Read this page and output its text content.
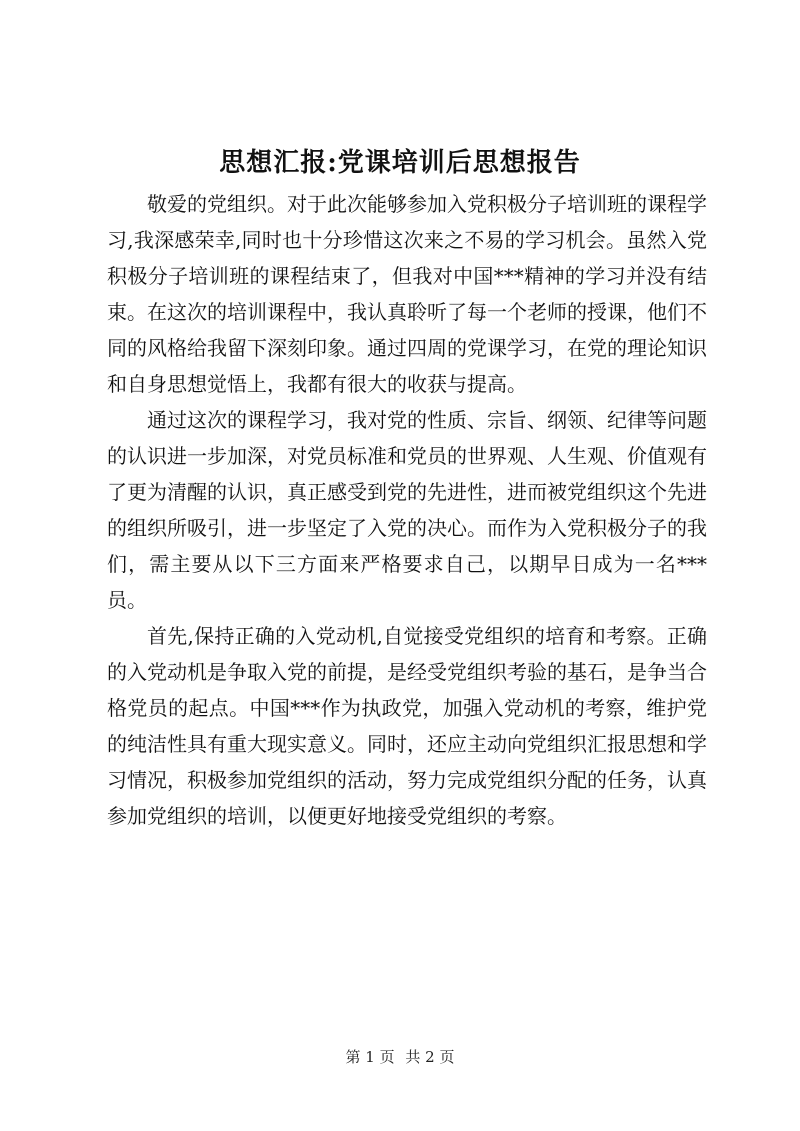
思想汇报:党课培训后思想报告

敬爱的党组织。对于此次能够参加入党积极分子培训班的课程学习,我深感荣幸,同时也十分珍惜这次来之不易的学习机会。虽然入党积极分子培训班的课程结束了，但我对中国***精神的学习并没有结束。在这次的培训课程中，我认真聆听了每一个老师的授课，他们不同的风格给我留下深刻印象。通过四周的党课学习，在党的理论知识和自身思想觉悟上，我都有很大的收获与提高。

通过这次的课程学习，我对党的性质、宗旨、纲领、纪律等问题的认识进一步加深，对党员标准和党员的世界观、人生观、价值观有了更为清醒的认识，真正感受到党的先进性，进而被党组织这个先进的组织所吸引，进一步坚定了入党的决心。而作为入党积极分子的我们，需主要从以下三方面来严格要求自己，以期早日成为一名***员。

首先,保持正确的入党动机,自觉接受党组织的培育和考察。正确的入党动机是争取入党的前提，是经受党组织考验的基石，是争当合格党员的起点。中国***作为执政党，加强入党动机的考察，维护党的纯洁性具有重大现实意义。同时，还应主动向党组织汇报思想和学习情况，积极参加党组织的活动，努力完成党组织分配的任务，认真参加党组织的培训，以便更好地接受党组织的考察。

第 1 页 共 2 页
